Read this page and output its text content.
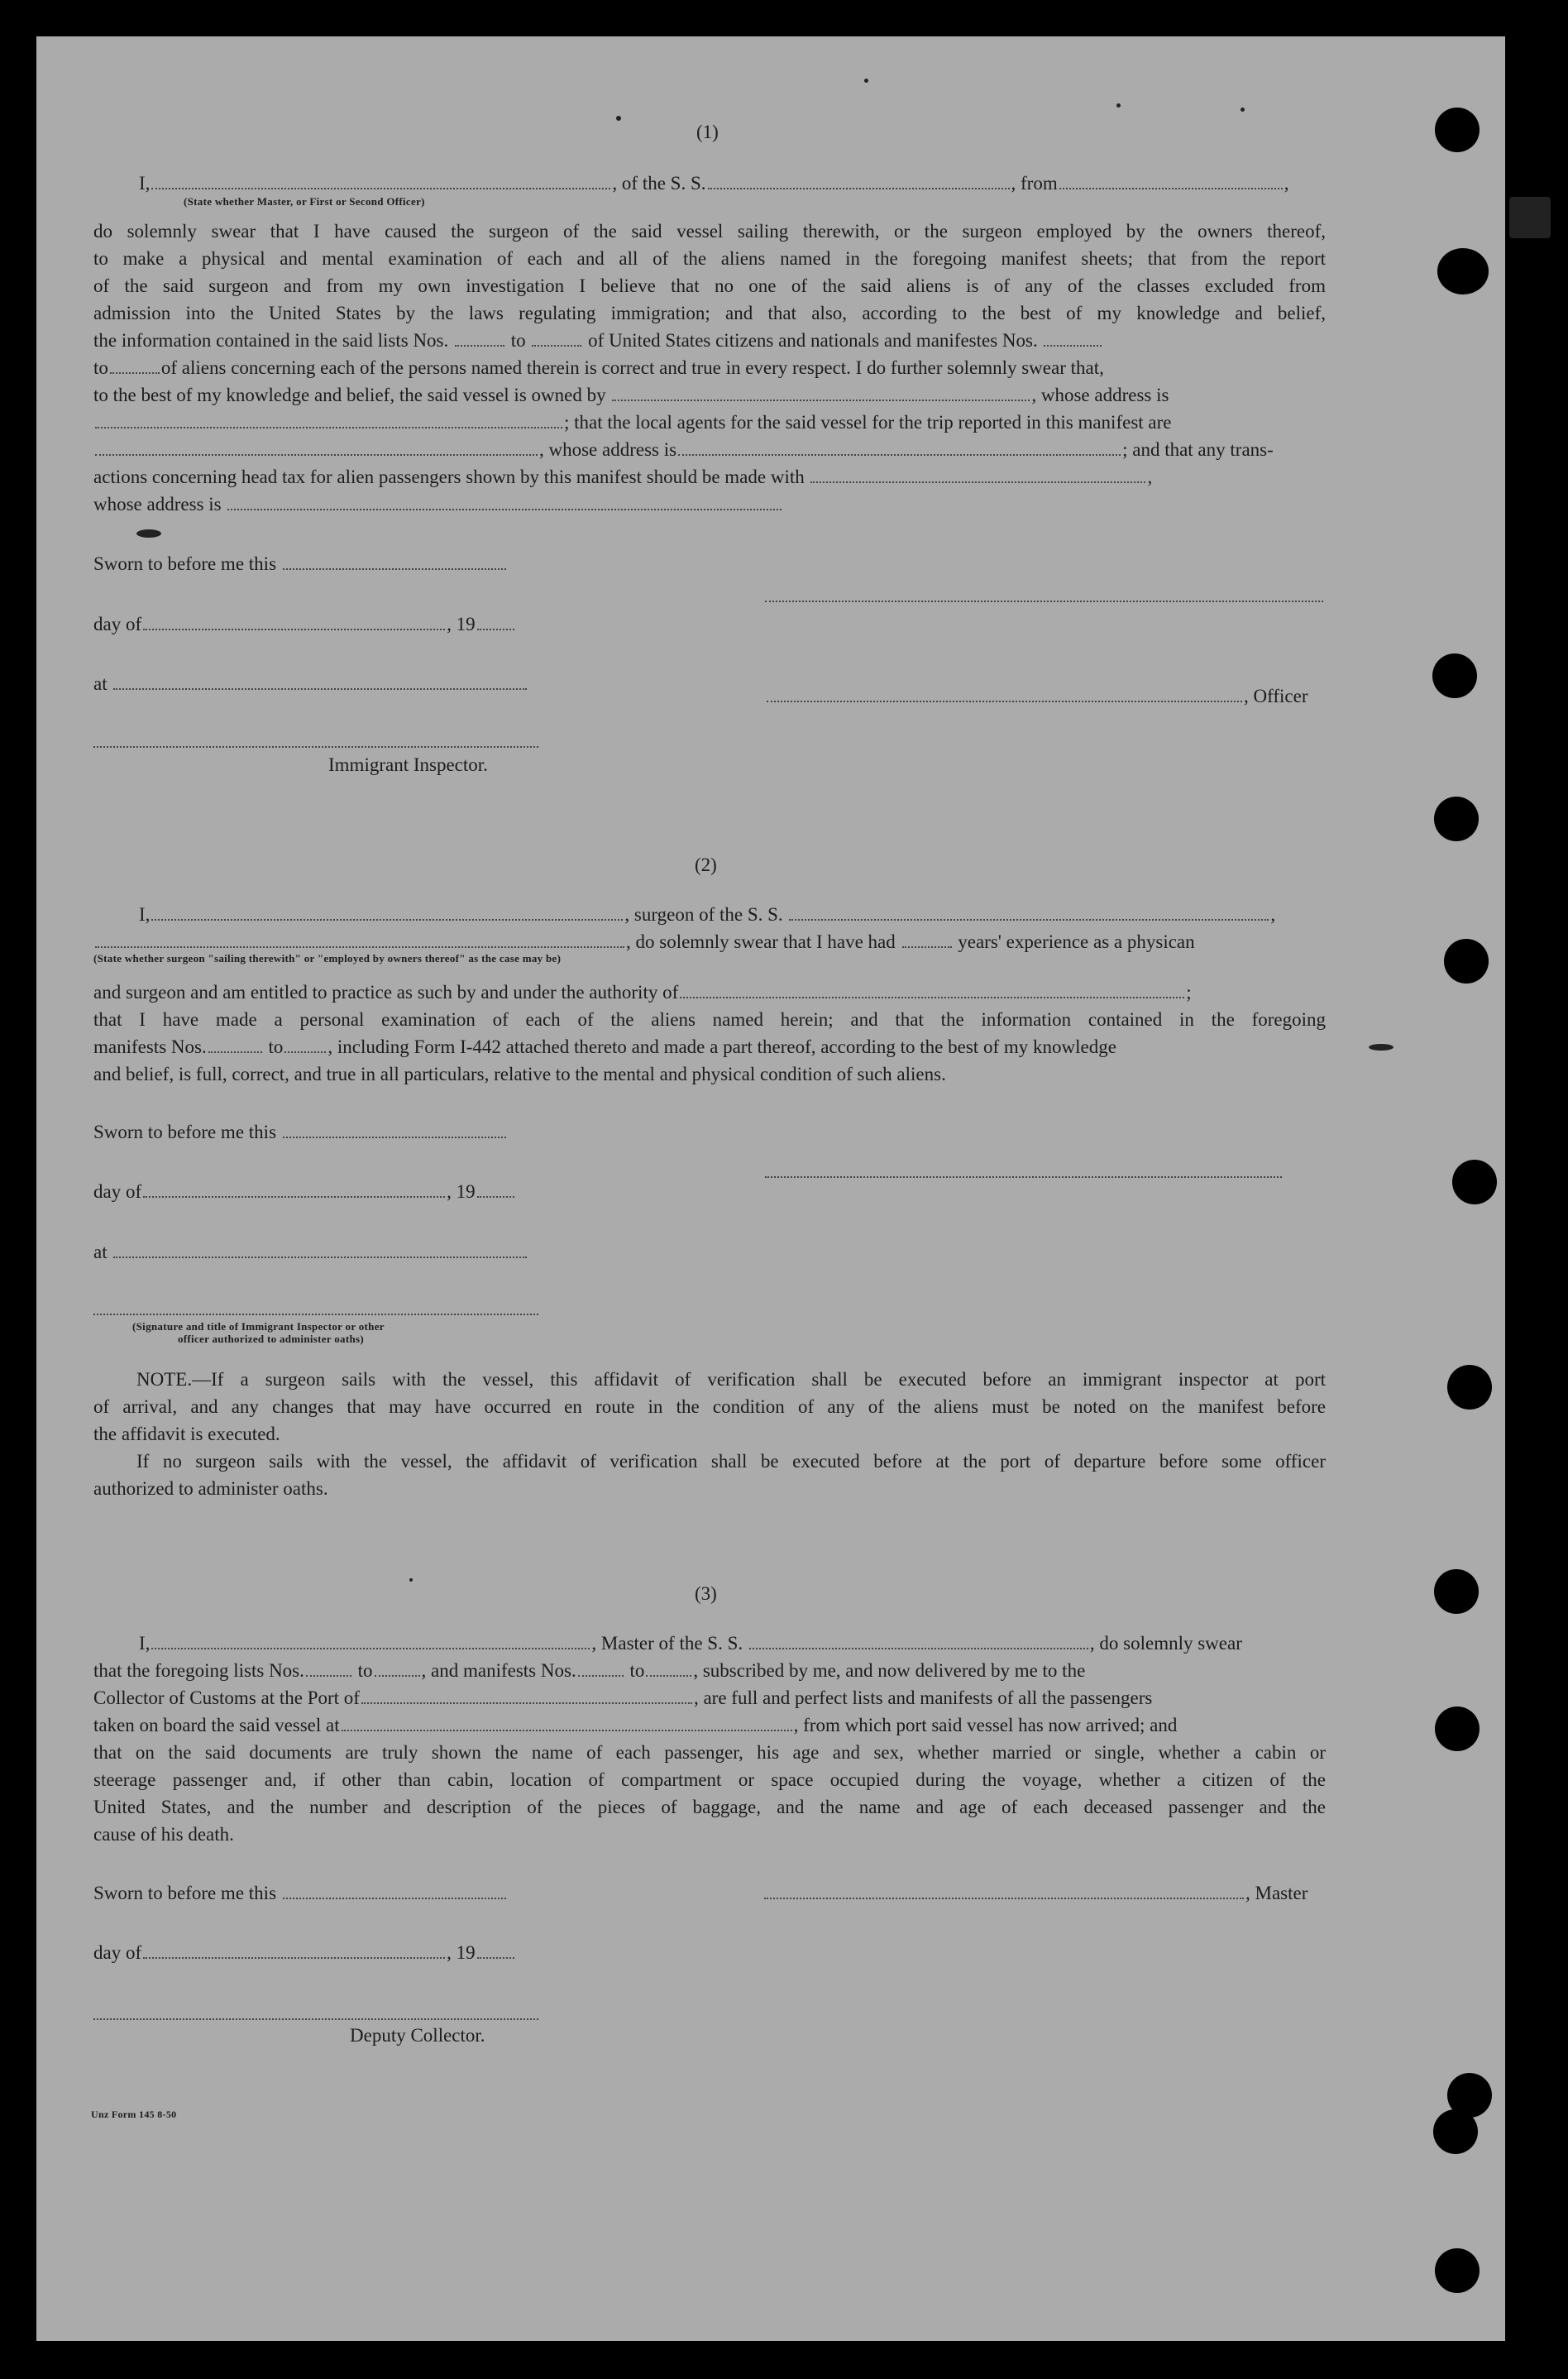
(1)
I,	, of the S. S.	, from	,
(State whether Master, or First or Second Officer)
do solemnly swear that I have caused the surgeon of the said vessel sailing therewith, or the surgeon employed by the owners thereof,
to make a physical and mental examination of each and all of the aliens named in the foregoing manifest sheets; that from the report
of the said surgeon and from my own investigation I believe that no one of the said aliens is of any of the classes excluded from
admission into the United States by the laws regulating immigration; and that also, according to the best of my knowledge and belief,
the information contained in the said lists Nos.	to	of United States citizens and nationals and manifestes Nos.
to	of aliens concerning each of the persons named therein is correct and true in every respect. I do further solemnly swear that,
to the best of my knowledge and belief, the said vessel is owned by	, whose address is
; that the local agents for the said vessel for the trip reported in this manifest are
, whose address is	; and that any trans-
actions concerning head tax for alien passengers shown by this manifest should be made with	,
whose address is
Sworn to before me this
day of	, 19
at
, Officer
Immigrant Inspector.
(2)
I,	, surgeon of the S. S.	,
, do solemnly swear that I have had	years' experience as a physican
(State whether surgeon "sailing therewith" or "employed by owners thereof" as the case may be)
and surgeon and am entitled to practice as such by and under the authority of	;
that I have made a personal examination of each of the aliens named herein; and that the information contained in the foregoing
manifests Nos.	to , including Form I-442 attached thereto and made a part thereof, according to the best of my knowledge
and belief, is full, correct, and true in all particulars, relative to the mental and physical condition of such aliens.
Sworn to before me this
day of	, 19
at
(Signature and title of Immigrant Inspector or other
officer authorized to administer oaths)
NOTE.—If a surgeon sails with the vessel, this affidavit of verification shall be executed before an immigrant inspector at port
of arrival, and any changes that may have occurred en route in the condition of any of the aliens must be noted on the manifest before
the affidavit is executed.
If no surgeon sails with the vessel, the affidavit of verification shall be executed before at the port of departure before some officer
authorized to administer oaths.
(3)
I,	, Master of the S. S.	, do solemnly swear
that the foregoing lists Nos.	to	, and manifests Nos.	to	, subscribed by me, and now delivered by me to the
Collector of Customs at the Port of	, are full and perfect lists and manifests of all the passengers
taken on board the said vessel at	, from which port said vessel has now arrived; and
that on the said documents are truly shown the name of each passenger, his age and sex, whether married or single, whether a cabin or
steerage passenger and, if other than cabin, location of compartment or space occupied during the voyage, whether a citizen of the
United States, and the number and description of the pieces of baggage, and the name and age of each deceased passenger and the
cause of his death.
Sworn to before me this	, Master
day of	, 19
Deputy Collector.
Unz Form 145 8-50
